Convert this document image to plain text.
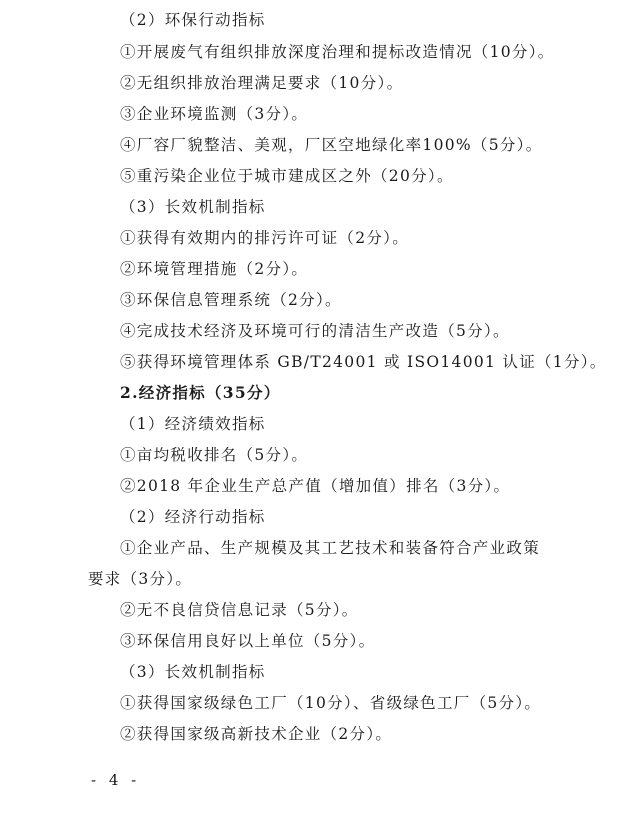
（2）环保行动指标
①开展废气有组织排放深度治理和提标改造情况（10分）。
②无组织排放治理满足要求（10分）。
③企业环境监测（3分）。
④厂容厂貌整洁、美观，厂区空地绿化率100%（5分）。
⑤重污染企业位于城市建成区之外（20分）。
（3）长效机制指标
①获得有效期内的排污许可证（2分）。
②环境管理措施（2分）。
③环保信息管理系统（2分）。
④完成技术经济及环境可行的清洁生产改造（5分）。
⑤获得环境管理体系 GB/T24001 或 ISO14001 认证（1分）。
2.经济指标（35分）
（1）经济绩效指标
①亩均税收排名（5分）。
②2018 年企业生产总产值（增加值）排名（3分）。
（2）经济行动指标
①企业产品、生产规模及其工艺技术和装备符合产业政策
要求（3分）。
②无不良信贷信息记录（5分）。
③环保信用良好以上单位（5分）。
（3）长效机制指标
①获得国家级绿色工厂（10分）、省级绿色工厂（5分）。
②获得国家级高新技术企业（2分）。
- 4 -
